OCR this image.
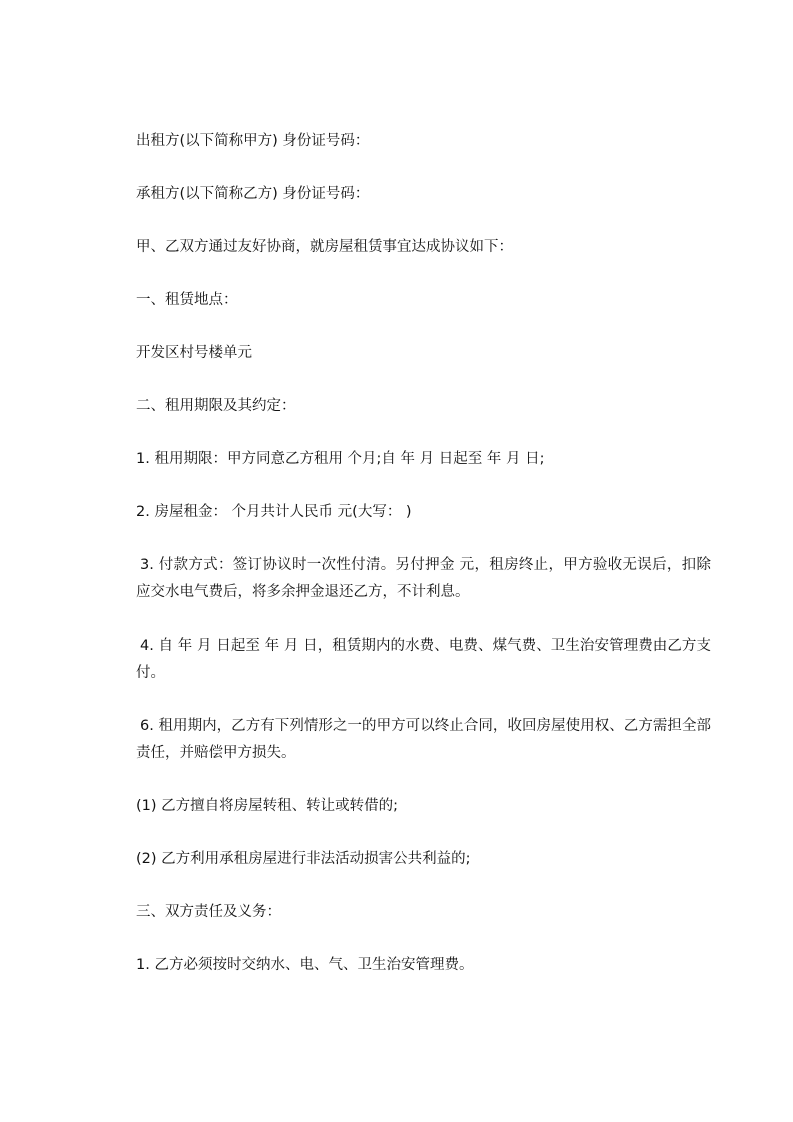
出租方(以下简称甲方) 身份证号码：

承租方(以下简称乙方) 身份证号码：

甲、乙双方通过友好协商，就房屋租赁事宜达成协议如下：

一、租赁地点：

开发区村号楼单元

二、租用期限及其约定：

1. 租用期限：甲方同意乙方租用 个月;自 年 月 日起至 年 月 日;

2. 房屋租金： 个月共计人民币 元(大写： )

3. 付款方式：签订协议时一次性付清。另付押金 元，租房终止，甲方验收无误后，扣除应交水电气费后，将多余押金退还乙方，不计利息。

4. 自 年 月 日起至 年 月 日，租赁期内的水费、电费、煤气费、卫生治安管理费由乙方支付。

6. 租用期内，乙方有下列情形之一的甲方可以终止合同，收回房屋使用权、乙方需担全部责任，并赔偿甲方损失。

(1) 乙方擅自将房屋转租、转让或转借的;

(2) 乙方利用承租房屋进行非法活动损害公共利益的;

三、双方责任及义务：

1. 乙方必须按时交纳水、电、气、卫生治安管理费。
